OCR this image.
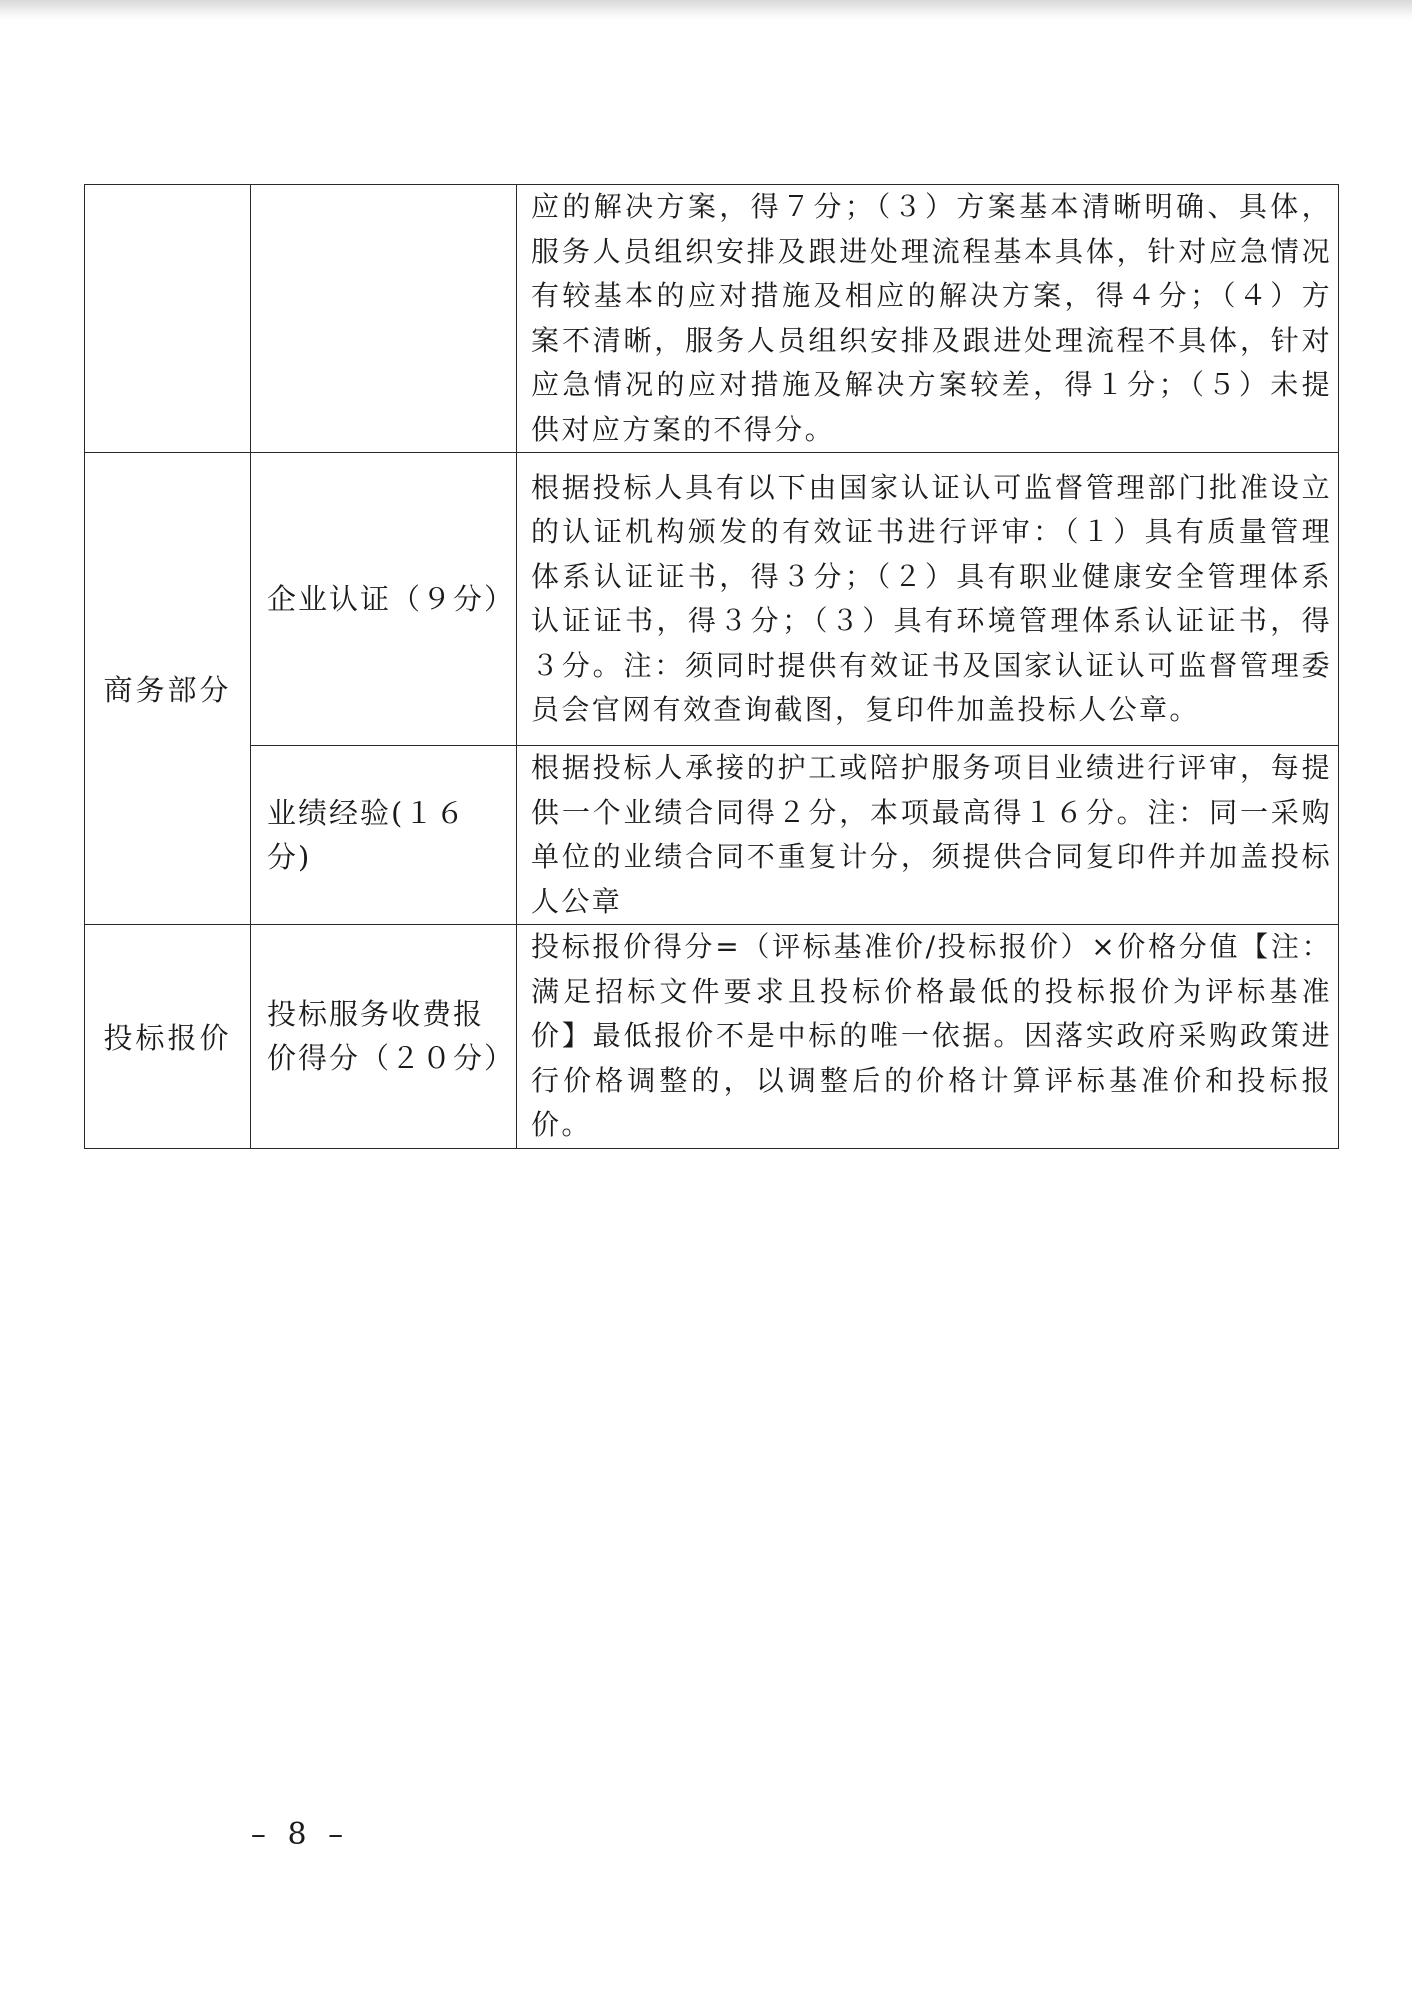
		应的解决方案，得７分；（３）方案基本清晰明确、具体，服务人员组织安排及跟进处理流程基本具体，针对应急情况有较基本的应对措施及相应的解决方案，得４分；（４）方案不清晰，服务人员组织安排及跟进处理流程不具体，针对应急情况的应对措施及解决方案较差，得１分；（５）未提供对应方案的不得分。
商务部分	企业认证（９分）	根据投标人具有以下由国家认证认可监督管理部门批准设立的认证机构颁发的有效证书进行评审：（１）具有质量管理体系认证证书，得３分；（２）具有职业健康安全管理体系认证证书，得３分；（３）具有环境管理体系认证证书，得３分。注：须同时提供有效证书及国家认证认可监督管理委员会官网有效查询截图，复印件加盖投标人公章。
	业绩经验(１６分)	根据投标人承接的护工或陪护服务项目业绩进行评审，每提供一个业绩合同得２分，本项最高得１６分。注：同一采购单位的业绩合同不重复计分，须提供合同复印件并加盖投标人公章
投标报价	投标服务收费报价得分（２０分）	投标报价得分=（评标基准价/投标报价）×价格分值【注：满足招标文件要求且投标价格最低的投标报价为评标基准价】最低报价不是中标的唯一依据。因落实政府采购政策进行价格调整的，以调整后的价格计算评标基准价和投标报价。
– 8 –
